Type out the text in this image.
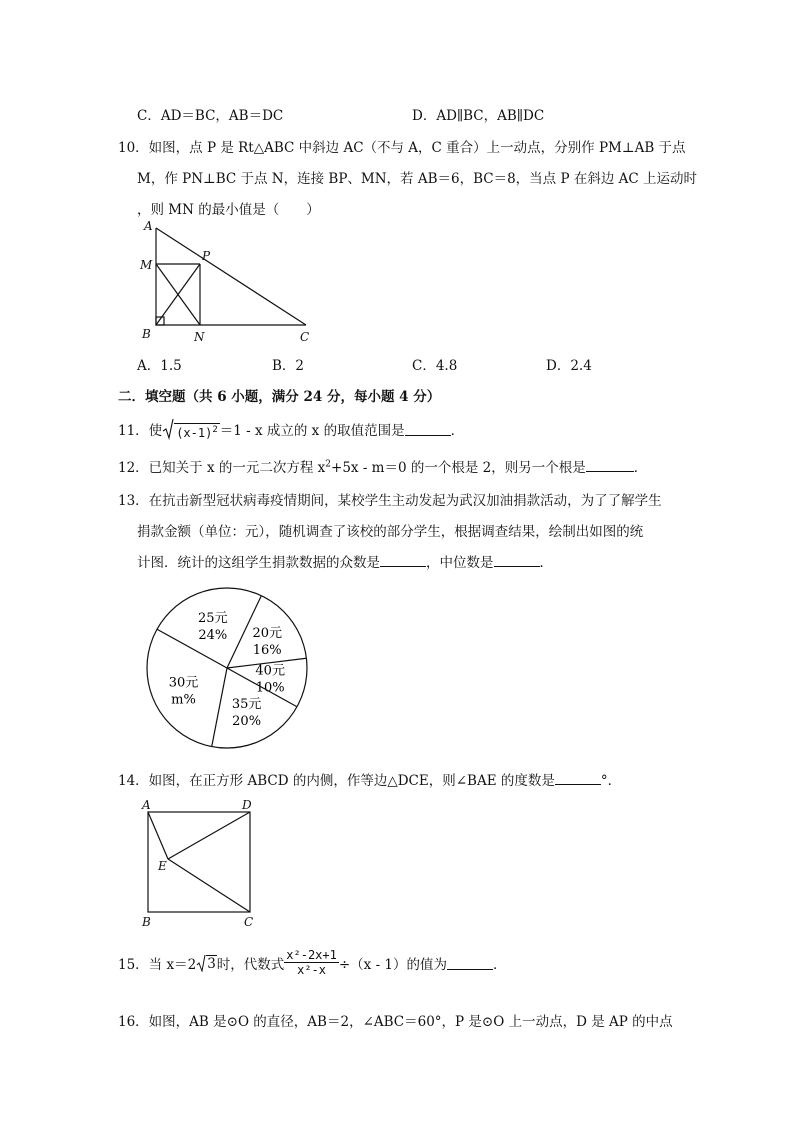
C．AD＝BC，AB＝DC	D．AD∥BC，AB∥DC
10．如图，点 P 是 Rt△ABC 中斜边 AC（不与 A，C 重合）上一动点，分别作 PM⊥AB 于点
M，作 PN⊥BC 于点 N，连接 BP、MN，若 AB＝6，BC＝8，当点 P 在斜边 AC 上运动时
，则 MN 的最小值是（　　）
A
M
P
B	N	C
A．1.5	B．2	C．4.8	D．2.4
二．填空题（共 6 小题，满分 24 分，每小题 4 分）
11．使 $(x-1)^2 =1 - x$ 成立的 x 的取值范围是	．
12．已知关于 x 的一元二次方程 $x^2+5x - m=0$ 的一个根是 2，则另一个根是	．
13．在抗击新型冠状病毒疫情期间，某校学生主动发起为武汉加油捐款活动，为了了解学生
捐款金额（单位：元），随机调查了该校的部分学生，根据调查结果，绘制出如图的统
计图．统计的这组学生捐款数据的众数是	，中位数是	．
25元
24% 20元
16%
40元
10%
35元
20%
30元
m%
14．如图，在正方形 ABCD 的内侧，作等边△DCE，则∠BAE 的度数是	°．
A	D
E
B	C
15．当 x＝2 3 时，代数式 $\frac{\text{x²-2x+1}}{\text{x²-x}} \div(x - 1)$的值为	．
16．如图，AB 是⊙O 的直径，AB＝2，∠ABC＝60°，P 是⊙O 上一动点，D 是 AP 的中点
